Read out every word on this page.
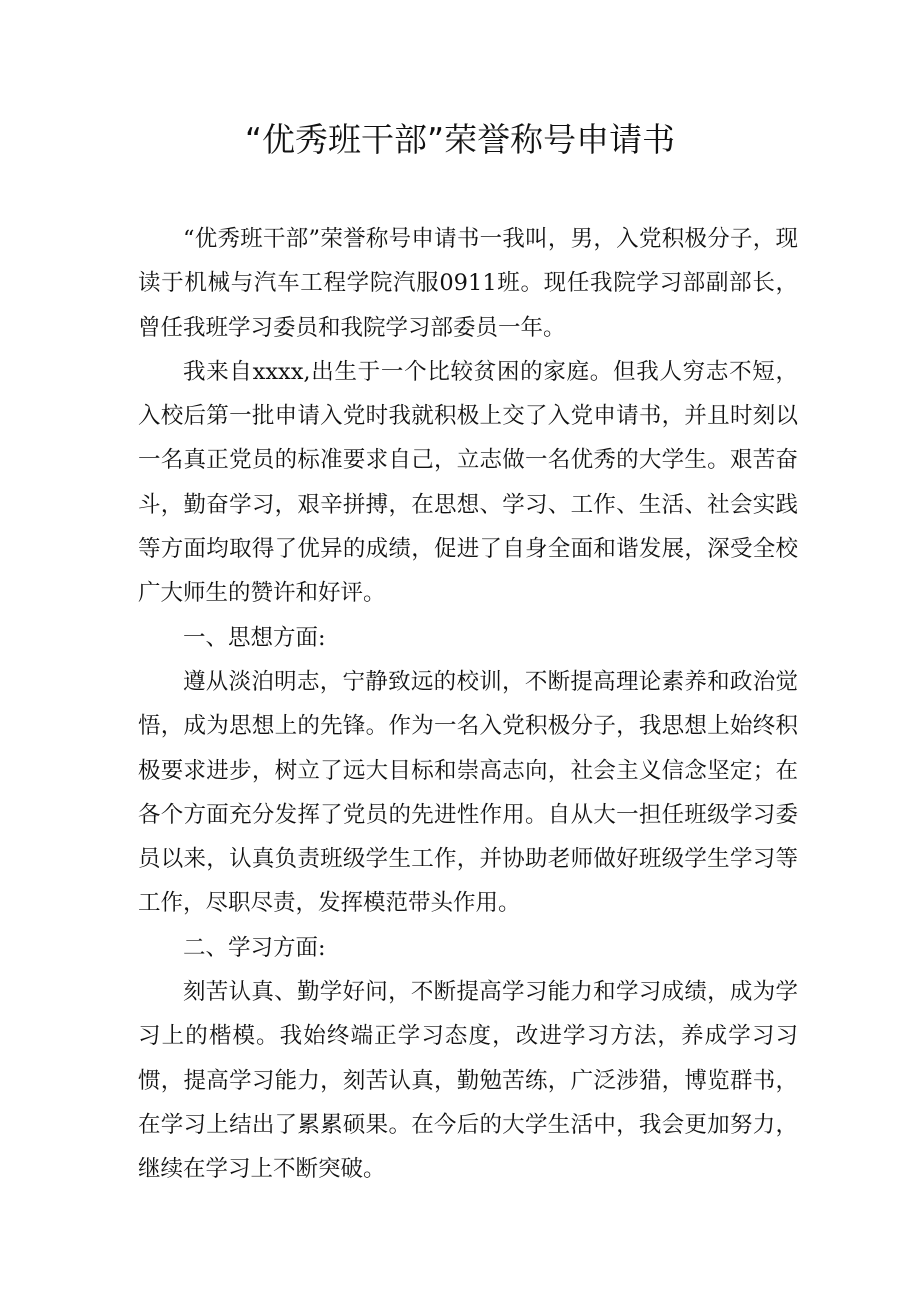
“优秀班干部”荣誉称号申请书

“优秀班干部”荣誉称号申请书一我叫，男，入党积极分子，现读于机械与汽车工程学院汽服0911班。现任我院学习部副部长，曾任我班学习委员和我院学习部委员一年。

我来自xxxx,出生于一个比较贫困的家庭。但我人穷志不短，入校后第一批申请入党时我就积极上交了入党申请书，并且时刻以一名真正党员的标准要求自己，立志做一名优秀的大学生。艰苦奋斗，勤奋学习，艰辛拼搏，在思想、学习、工作、生活、社会实践等方面均取得了优异的成绩，促进了自身全面和谐发展，深受全校广大师生的赞许和好评。

一、思想方面:

遵从淡泊明志，宁静致远的校训，不断提高理论素养和政治觉悟，成为思想上的先锋。作为一名入党积极分子，我思想上始终积极要求进步，树立了远大目标和崇高志向，社会主义信念坚定；在各个方面充分发挥了党员的先进性作用。自从大一担任班级学习委员以来，认真负责班级学生工作，并协助老师做好班级学生学习等工作，尽职尽责，发挥模范带头作用。

二、学习方面:

刻苦认真、勤学好问，不断提高学习能力和学习成绩，成为学习上的楷模。我始终端正学习态度，改进学习方法，养成学习习惯，提高学习能力，刻苦认真，勤勉苦练，广泛涉猎，博览群书，在学习上结出了累累硕果。在今后的大学生活中，我会更加努力，继续在学习上不断突破。
